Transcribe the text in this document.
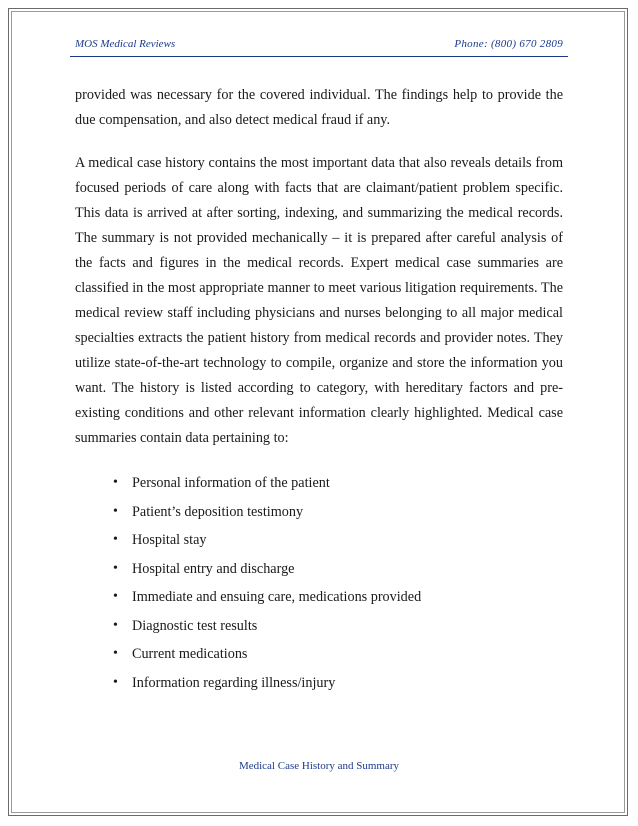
MOS Medical Reviews	Phone: (800) 670 2809

provided was necessary for the covered individual. The findings help to provide the due compensation, and also detect medical fraud if any.

A medical case history contains the most important data that also reveals details from focused periods of care along with facts that are claimant/patient problem specific. This data is arrived at after sorting, indexing, and summarizing the medical records. The summary is not provided mechanically – it is prepared after careful analysis of the facts and figures in the medical records. Expert medical case summaries are classified in the most appropriate manner to meet various litigation requirements. The medical review staff including physicians and nurses belonging to all major medical specialties extracts the patient history from medical records and provider notes. They utilize state-of-the-art technology to compile, organize and store the information you want. The history is listed according to category, with hereditary factors and pre-existing conditions and other relevant information clearly highlighted. Medical case summaries contain data pertaining to:

• Personal information of the patient
• Patient’s deposition testimony
• Hospital stay
• Hospital entry and discharge
• Immediate and ensuing care, medications provided
• Diagnostic test results
• Current medications
• Information regarding illness/injury
Medical Case History and Summary
